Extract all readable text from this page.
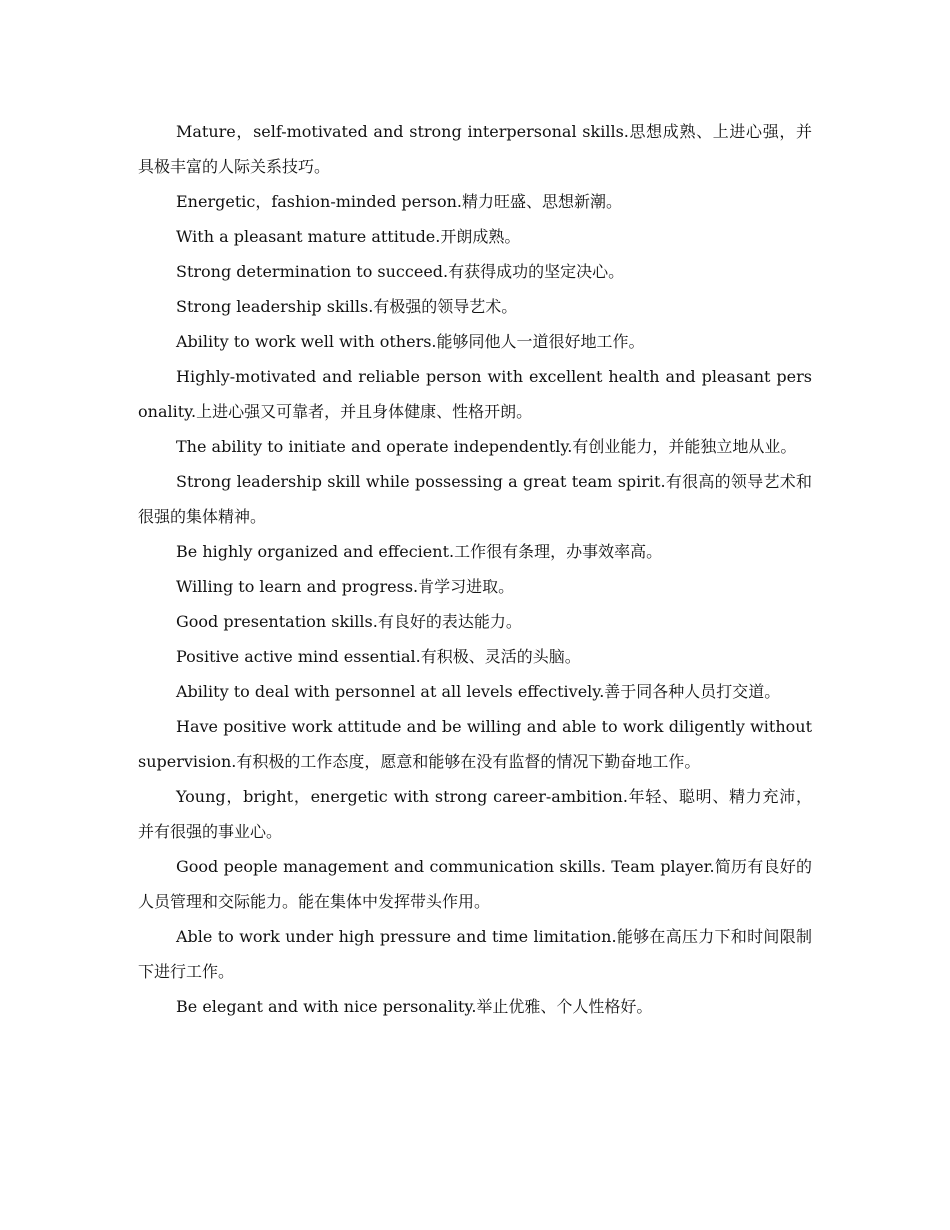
Mature，self-motivated and strong interpersonal skills.思想成熟、上进心强，并具极丰富的人际关系技巧。

Energetic，fashion-minded person.精力旺盛、思想新潮。

With a pleasant mature attitude.开朗成熟。

Strong determination to succeed.有获得成功的坚定决心。

Strong leadership skills.有极强的领导艺术。

Ability to work well with others.能够同他人一道很好地工作。

Highly-motivated and reliable person with excellent health and pleasant personality.上进心强又可靠者，并且身体健康、性格开朗。

The ability to initiate and operate independently.有创业能力，并能独立地从业。

Strong leadership skill while possessing a great team spirit.有很高的领导艺术和很强的集体精神。

Be highly organized and effecient.工作很有条理，办事效率高。

Willing to learn and progress.肯学习进取。

Good presentation skills.有良好的表达能力。

Positive active mind essential.有积极、灵活的头脑。

Ability to deal with personnel at all levels effectively.善于同各种人员打交道。

Have positive work attitude and be willing and able to work diligently without supervision.有积极的工作态度，愿意和能够在没有监督的情况下勤奋地工作。

Young，bright，energetic with strong career-ambition.年轻、聪明、精力充沛，并有很强的事业心。

Good people management and communication skills. Team player.简历有良好的人员管理和交际能力。能在集体中发挥带头作用。

Able to work under high pressure and time limitation.能够在高压力下和时间限制下进行工作。

Be elegant and with nice personality.举止优雅、个人性格好。
